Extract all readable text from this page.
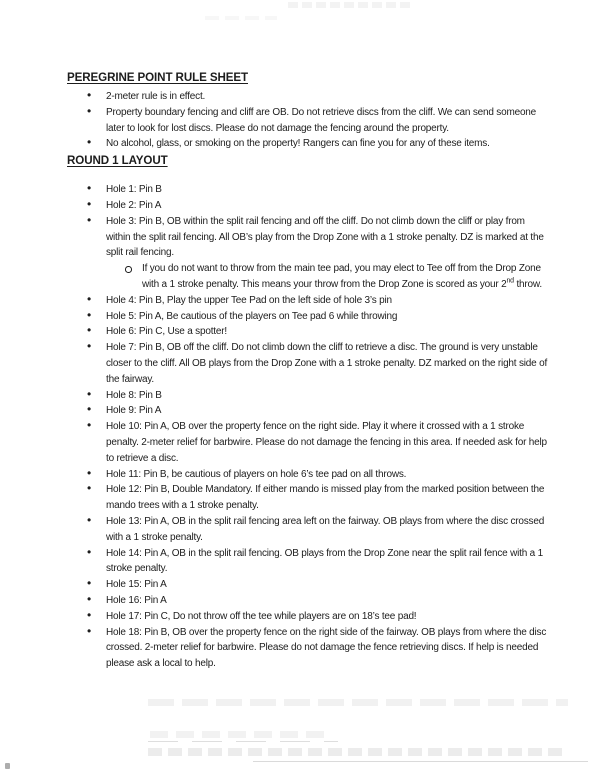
PEREGRINE POINT RULE SHEET
•
2-meter rule is in effect.
•
Property boundary fencing and cliff are OB. Do not retrieve discs from the cliff. We can send someone later to look for lost discs. Please do not damage the fencing around the property.
•
No alcohol, glass, or smoking on the property! Rangers can fine you for any of these items.
ROUND 1 LAYOUT
•
Hole 1: Pin B
•
Hole 2: Pin A
•
Hole 3: Pin B, OB within the split rail fencing and off the cliff. Do not climb down the cliff or play from within the split rail fencing. All OB’s play from the Drop Zone with a 1 stroke penalty. DZ is marked at the split rail fencing.
If you do not want to throw from the main tee pad, you may elect to Tee off from the Drop Zone with a 1 stroke penalty. This means your throw from the Drop Zone is scored as your 2nd throw.
•
Hole 4: Pin B, Play the upper Tee Pad on the left side of hole 3’s pin
•
Hole 5: Pin A, Be cautious of the players on Tee pad 6 while throwing
•
Hole 6: Pin C, Use a spotter!
•
Hole 7: Pin B, OB off the cliff. Do not climb down the cliff to retrieve a disc. The ground is very unstable closer to the cliff. All OB plays from the Drop Zone with a 1 stroke penalty. DZ marked on the right side of the fairway.
•
Hole 8: Pin B
•
Hole 9: Pin A
•
Hole 10: Pin A, OB over the property fence on the right side. Play it where it crossed with a 1 stroke penalty. 2-meter relief for barbwire. Please do not damage the fencing in this area. If needed ask for help to retrieve a disc.
•
Hole 11: Pin B, be cautious of players on hole 6’s tee pad on all throws.
•
Hole 12: Pin B, Double Mandatory. If either mando is missed play from the marked position between the mando trees with a 1 stroke penalty.
•
Hole 13: Pin A, OB in the split rail fencing area left on the fairway. OB plays from where the disc crossed with a 1 stroke penalty.
•
Hole 14: Pin A, OB in the split rail fencing. OB plays from the Drop Zone near the split rail fence with a 1 stroke penalty.
•
Hole 15: Pin A
•
Hole 16: Pin A
•
Hole 17: Pin C, Do not throw off the tee while players are on 18’s tee pad!
•
Hole 18: Pin B, OB over the property fence on the right side of the fairway. OB plays from where the disc crossed. 2-meter relief for barbwire. Please do not damage the fence retrieving discs. If help is needed please ask a local to help.
